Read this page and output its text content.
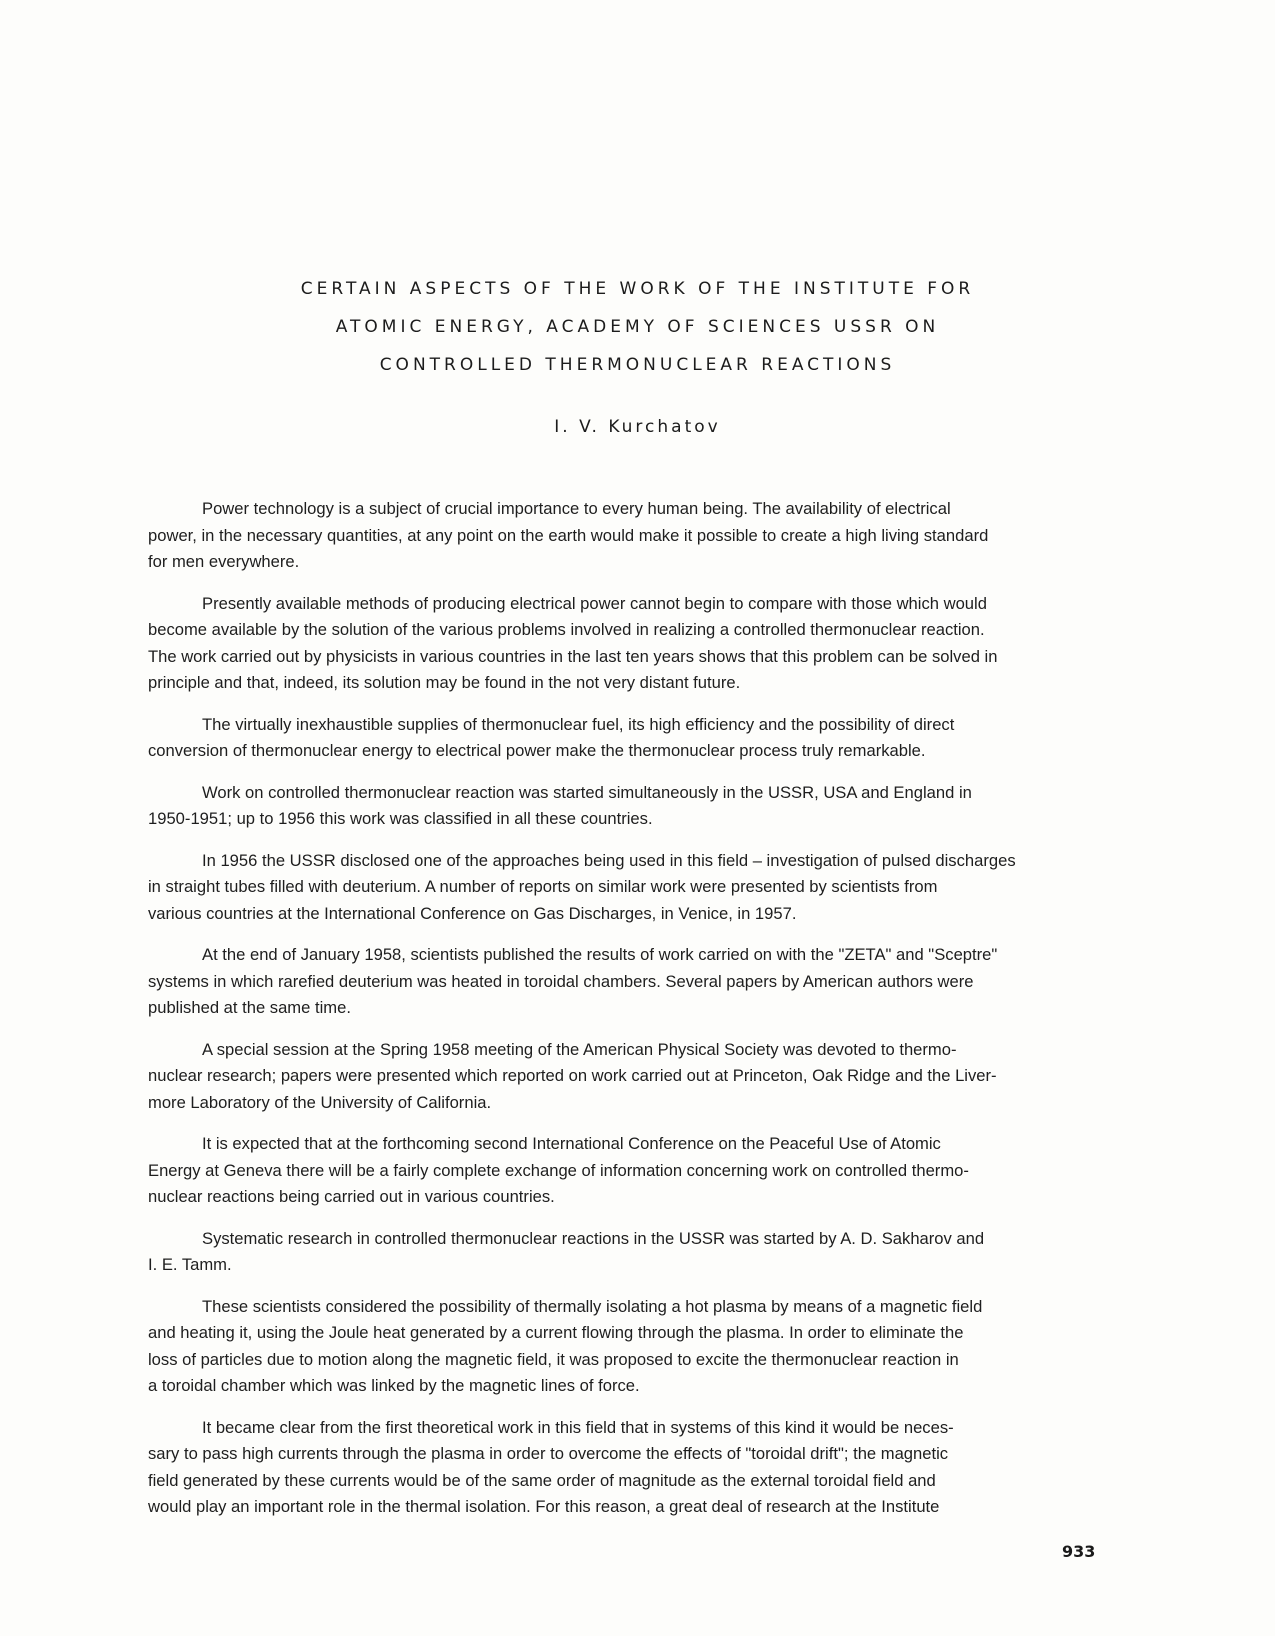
CERTAIN ASPECTS OF THE WORK OF THE INSTITUTE FOR
ATOMIC ENERGY, ACADEMY OF SCIENCES USSR ON
CONTROLLED THERMONUCLEAR REACTIONS
I. V. Kurchatov
Power technology is a subject of crucial importance to every human being. The availability of electrical
power, in the necessary quantities, at any point on the earth would make it possible to create a high living standard
for men everywhere.
Presently available methods of producing electrical power cannot begin to compare with those which would
become available by the solution of the various problems involved in realizing a controlled thermonuclear reaction.
The work carried out by physicists in various countries in the last ten years shows that this problem can be solved in
principle and that, indeed, its solution may be found in the not very distant future.
The virtually inexhaustible supplies of thermonuclear fuel, its high efficiency and the possibility of direct
conversion of thermonuclear energy to electrical power make the thermonuclear process truly remarkable.
Work on controlled thermonuclear reaction was started simultaneously in the USSR, USA and England in
1950-1951; up to 1956 this work was classified in all these countries.
In 1956 the USSR disclosed one of the approaches being used in this field – investigation of pulsed discharges
in straight tubes filled with deuterium. A number of reports on similar work were presented by scientists from
various countries at the International Conference on Gas Discharges, in Venice, in 1957.
At the end of January 1958, scientists published the results of work carried on with the "ZETA" and "Sceptre"
systems in which rarefied deuterium was heated in toroidal chambers. Several papers by American authors were
published at the same time.
A special session at the Spring 1958 meeting of the American Physical Society was devoted to thermo-
nuclear research; papers were presented which reported on work carried out at Princeton, Oak Ridge and the Liver-
more Laboratory of the University of California.
It is expected that at the forthcoming second International Conference on the Peaceful Use of Atomic
Energy at Geneva there will be a fairly complete exchange of information concerning work on controlled thermo-
nuclear reactions being carried out in various countries.
Systematic research in controlled thermonuclear reactions in the USSR was started by A. D. Sakharov and
I. E. Tamm.
These scientists considered the possibility of thermally isolating a hot plasma by means of a magnetic field
and heating it, using the Joule heat generated by a current flowing through the plasma. In order to eliminate the
loss of particles due to motion along the magnetic field, it was proposed to excite the thermonuclear reaction in
a toroidal chamber which was linked by the magnetic lines of force.
It became clear from the first theoretical work in this field that in systems of this kind it would be neces-
sary to pass high currents through the plasma in order to overcome the effects of "toroidal drift"; the magnetic
field generated by these currents would be of the same order of magnitude as the external toroidal field and
would play an important role in the thermal isolation. For this reason, a great deal of research at the Institute
933
